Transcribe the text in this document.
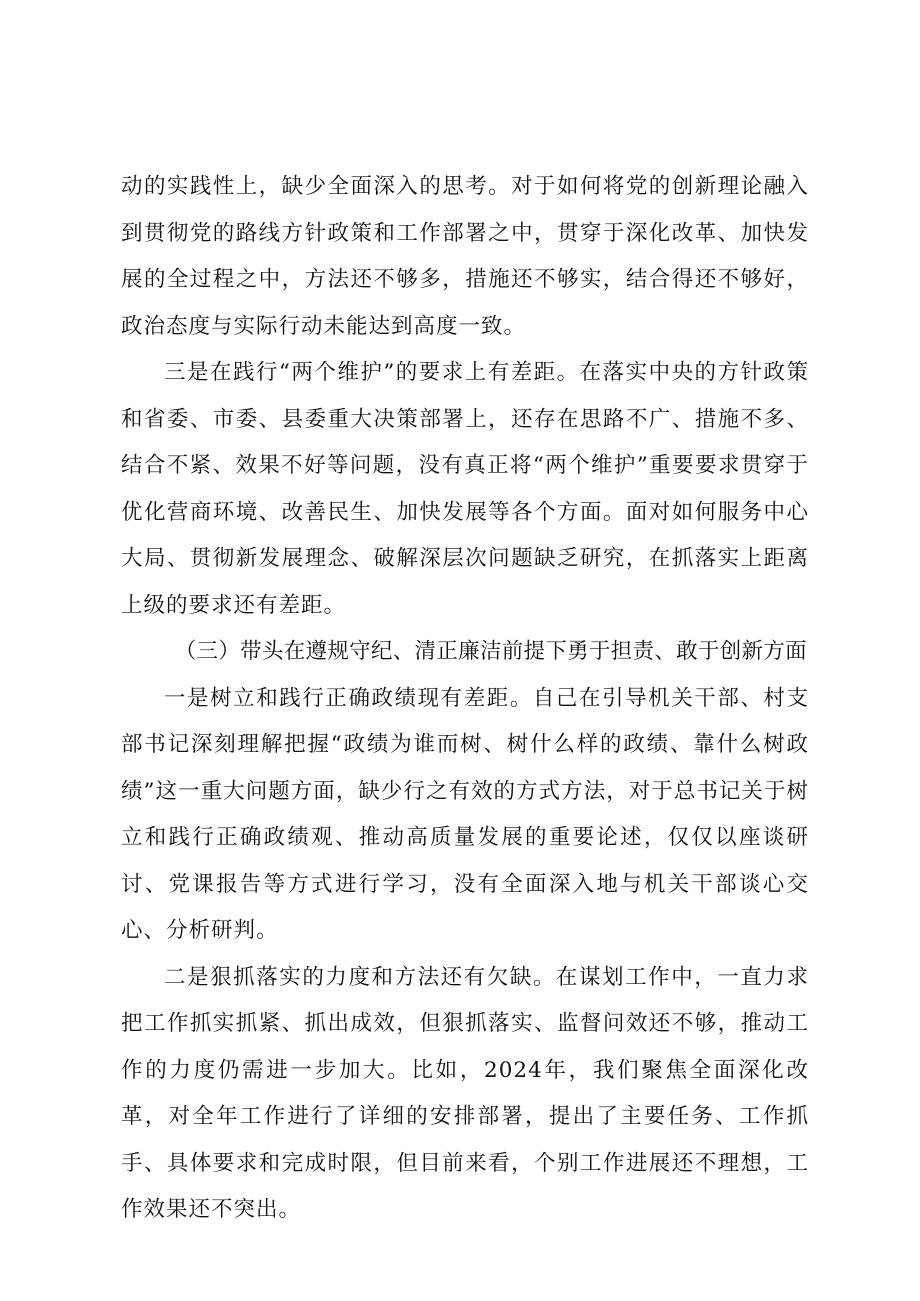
动的实践性上，缺少全面深入的思考。对于如何将党的创新理论融入到贯彻党的路线方针政策和工作部署之中，贯穿于深化改革、加快发展的全过程之中，方法还不够多，措施还不够实，结合得还不够好，政治态度与实际行动未能达到高度一致。

三是在践行“两个维护”的要求上有差距。在落实中央的方针政策和省委、市委、县委重大决策部署上，还存在思路不广、措施不多、结合不紧、效果不好等问题，没有真正将“两个维护”重要要求贯穿于优化营商环境、改善民生、加快发展等各个方面。面对如何服务中心大局、贯彻新发展理念、破解深层次问题缺乏研究，在抓落实上距离上级的要求还有差距。

（三）带头在遵规守纪、清正廉洁前提下勇于担责、敢于创新方面

一是树立和践行正确政绩现有差距。自己在引导机关干部、村支部书记深刻理解把握“政绩为谁而树、树什么样的政绩、靠什么树政绩”这一重大问题方面，缺少行之有效的方式方法，对于总书记关于树立和践行正确政绩观、推动高质量发展的重要论述，仅仅以座谈研讨、党课报告等方式进行学习，没有全面深入地与机关干部谈心交心、分析研判。

二是狠抓落实的力度和方法还有欠缺。在谋划工作中，一直力求把工作抓实抓紧、抓出成效，但狠抓落实、监督问效还不够，推动工作的力度仍需进一步加大。比如，2024年，我们聚焦全面深化改革，对全年工作进行了详细的安排部署，提出了主要任务、工作抓手、具体要求和完成时限，但目前来看，个别工作进展还不理想，工作效果还不突出。
